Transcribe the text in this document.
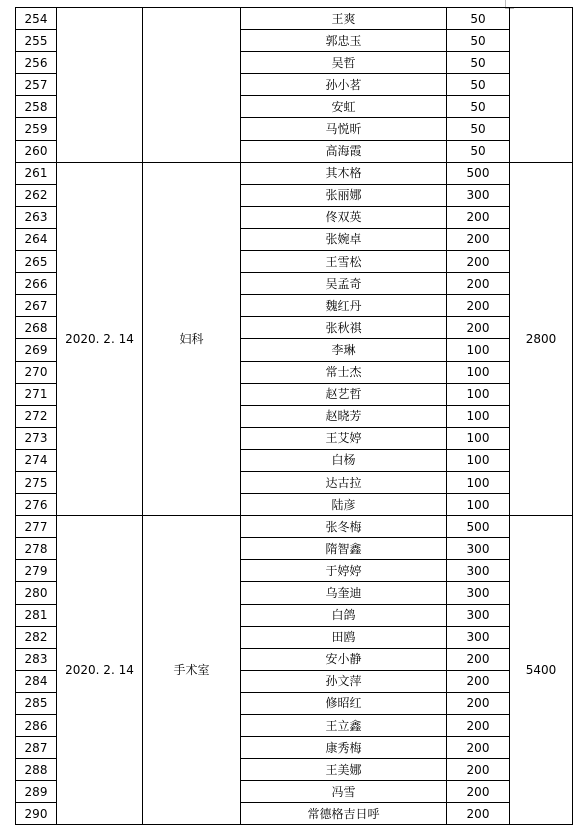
254			王爽	50	
255			郭忠玉	50	
256			吴哲	50	
257			孙小茗	50	
258			安虹	50	
259			马悦昕	50	
260			高海霞	50	
261	2020. 2. 14	妇科	其木格	500	2800
262			张丽娜	300	
263			佟双英	200	
264			张婉卓	200	
265			王雪松	200	
266			吴孟奇	200	
267			魏红丹	200	
268			张秋祺	200	
269			李琳	100	
270			常士杰	100	
271			赵艺哲	100	
272			赵晓芳	100	
273			王艾婷	100	
274			白杨	100	
275			达古拉	100	
276			陆彦	100	
277	2020. 2. 14	手术室	张冬梅	500	5400
278			隋智鑫	300	
279			于婷婷	300	
280			乌奎迪	300	
281			白鸽	300	
282			田鸥	300	
283			安小静	200	
284			孙文萍	200	
285			修昭红	200	
286			王立鑫	200	
287			康秀梅	200	
288			王美娜	200	
289			冯雪	200	
290			常德格吉日呼	200	
